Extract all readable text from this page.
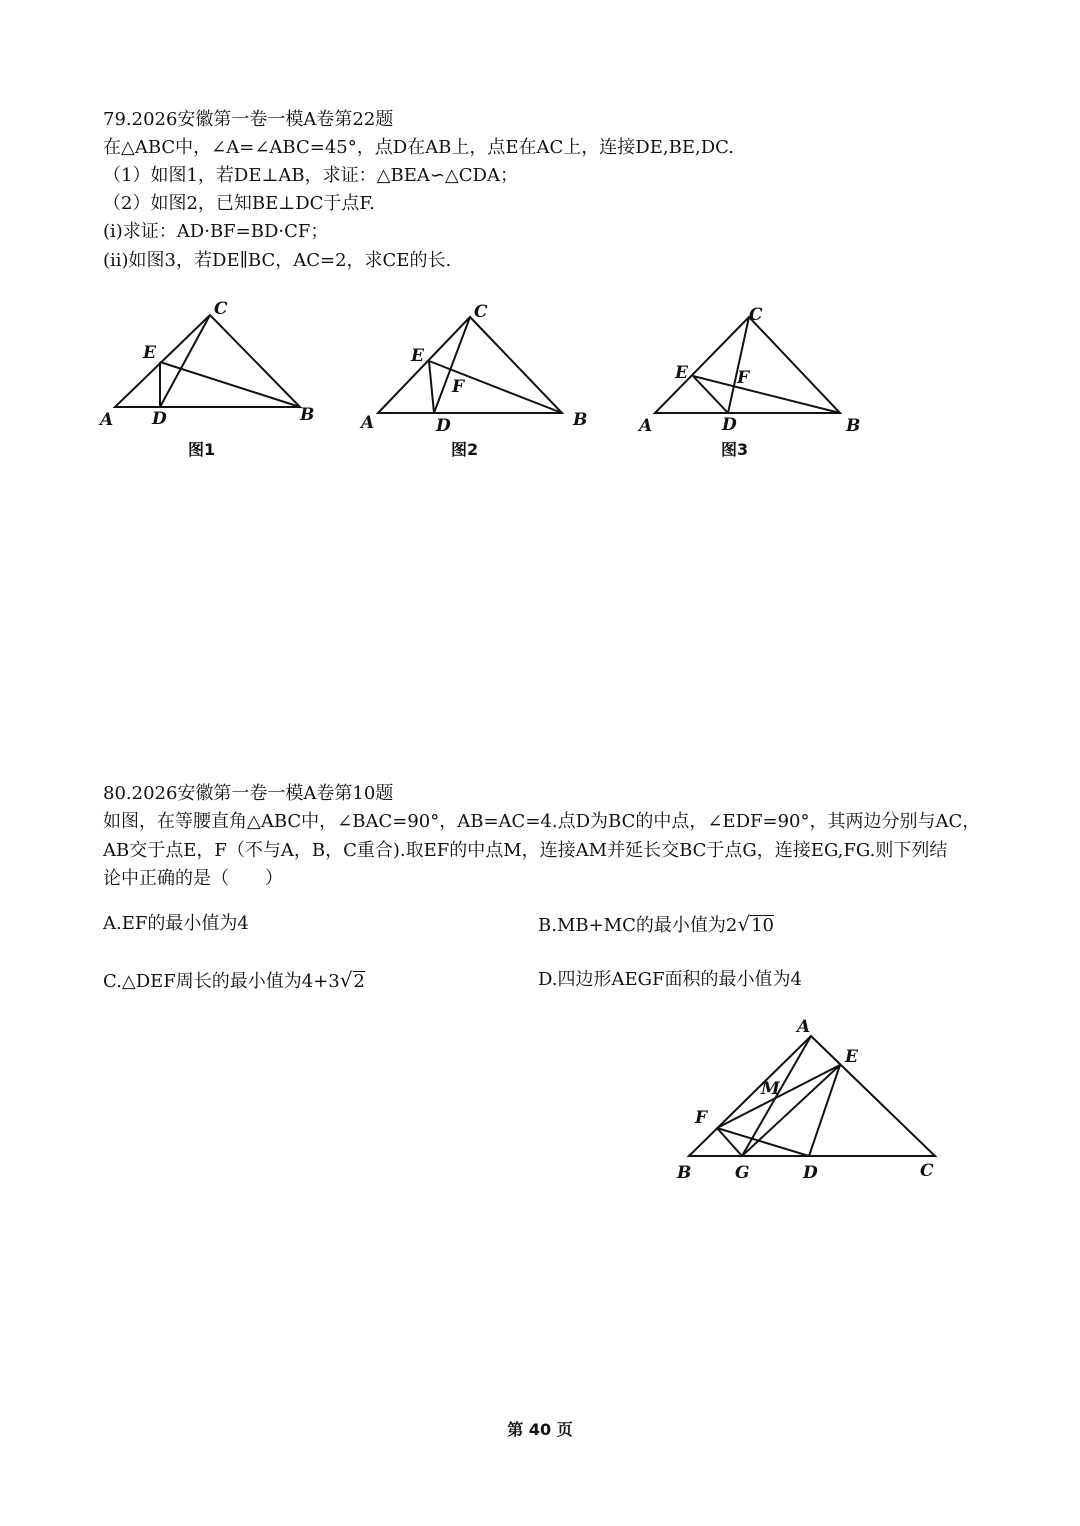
79.2026安徽第一卷一模A卷第22题
在△ABC中，∠A=∠ABC=45°，点D在AB上，点E在AC上，连接DE,BE,DC.
（1）如图1，若DE⊥AB，求证：△BEA∽△CDA；
（2）如图2，已知BE⊥DC于点F.
(i)求证：AD·BF=BD·CF；
(ii)如图3，若DE∥BC，AC=2，求CE的长.
A	B
C
D
E
图1
A	B
C
D
E
F
图2
A	B
C
D
E	F
图3
80.2026安徽第一卷一模A卷第10题
如图，在等腰直角△ABC中，∠BAC=90°，AB=AC=4.点D为BC的中点，∠EDF=90°，其两边分别与AC，
AB交于点E，F（不与A，B，C重合).取EF的中点M，连接AM并延长交BC于点G，连接EG,FG.则下列结
论中正确的是（　　）
A.EF的最小值为4	B.MB+MC的最小值为2√10
C.△DEF周长的最小值为4+3√2	D.四边形AEGF面积的最小值为4
A
B	C
D
E
F
G
M
第 40 页
